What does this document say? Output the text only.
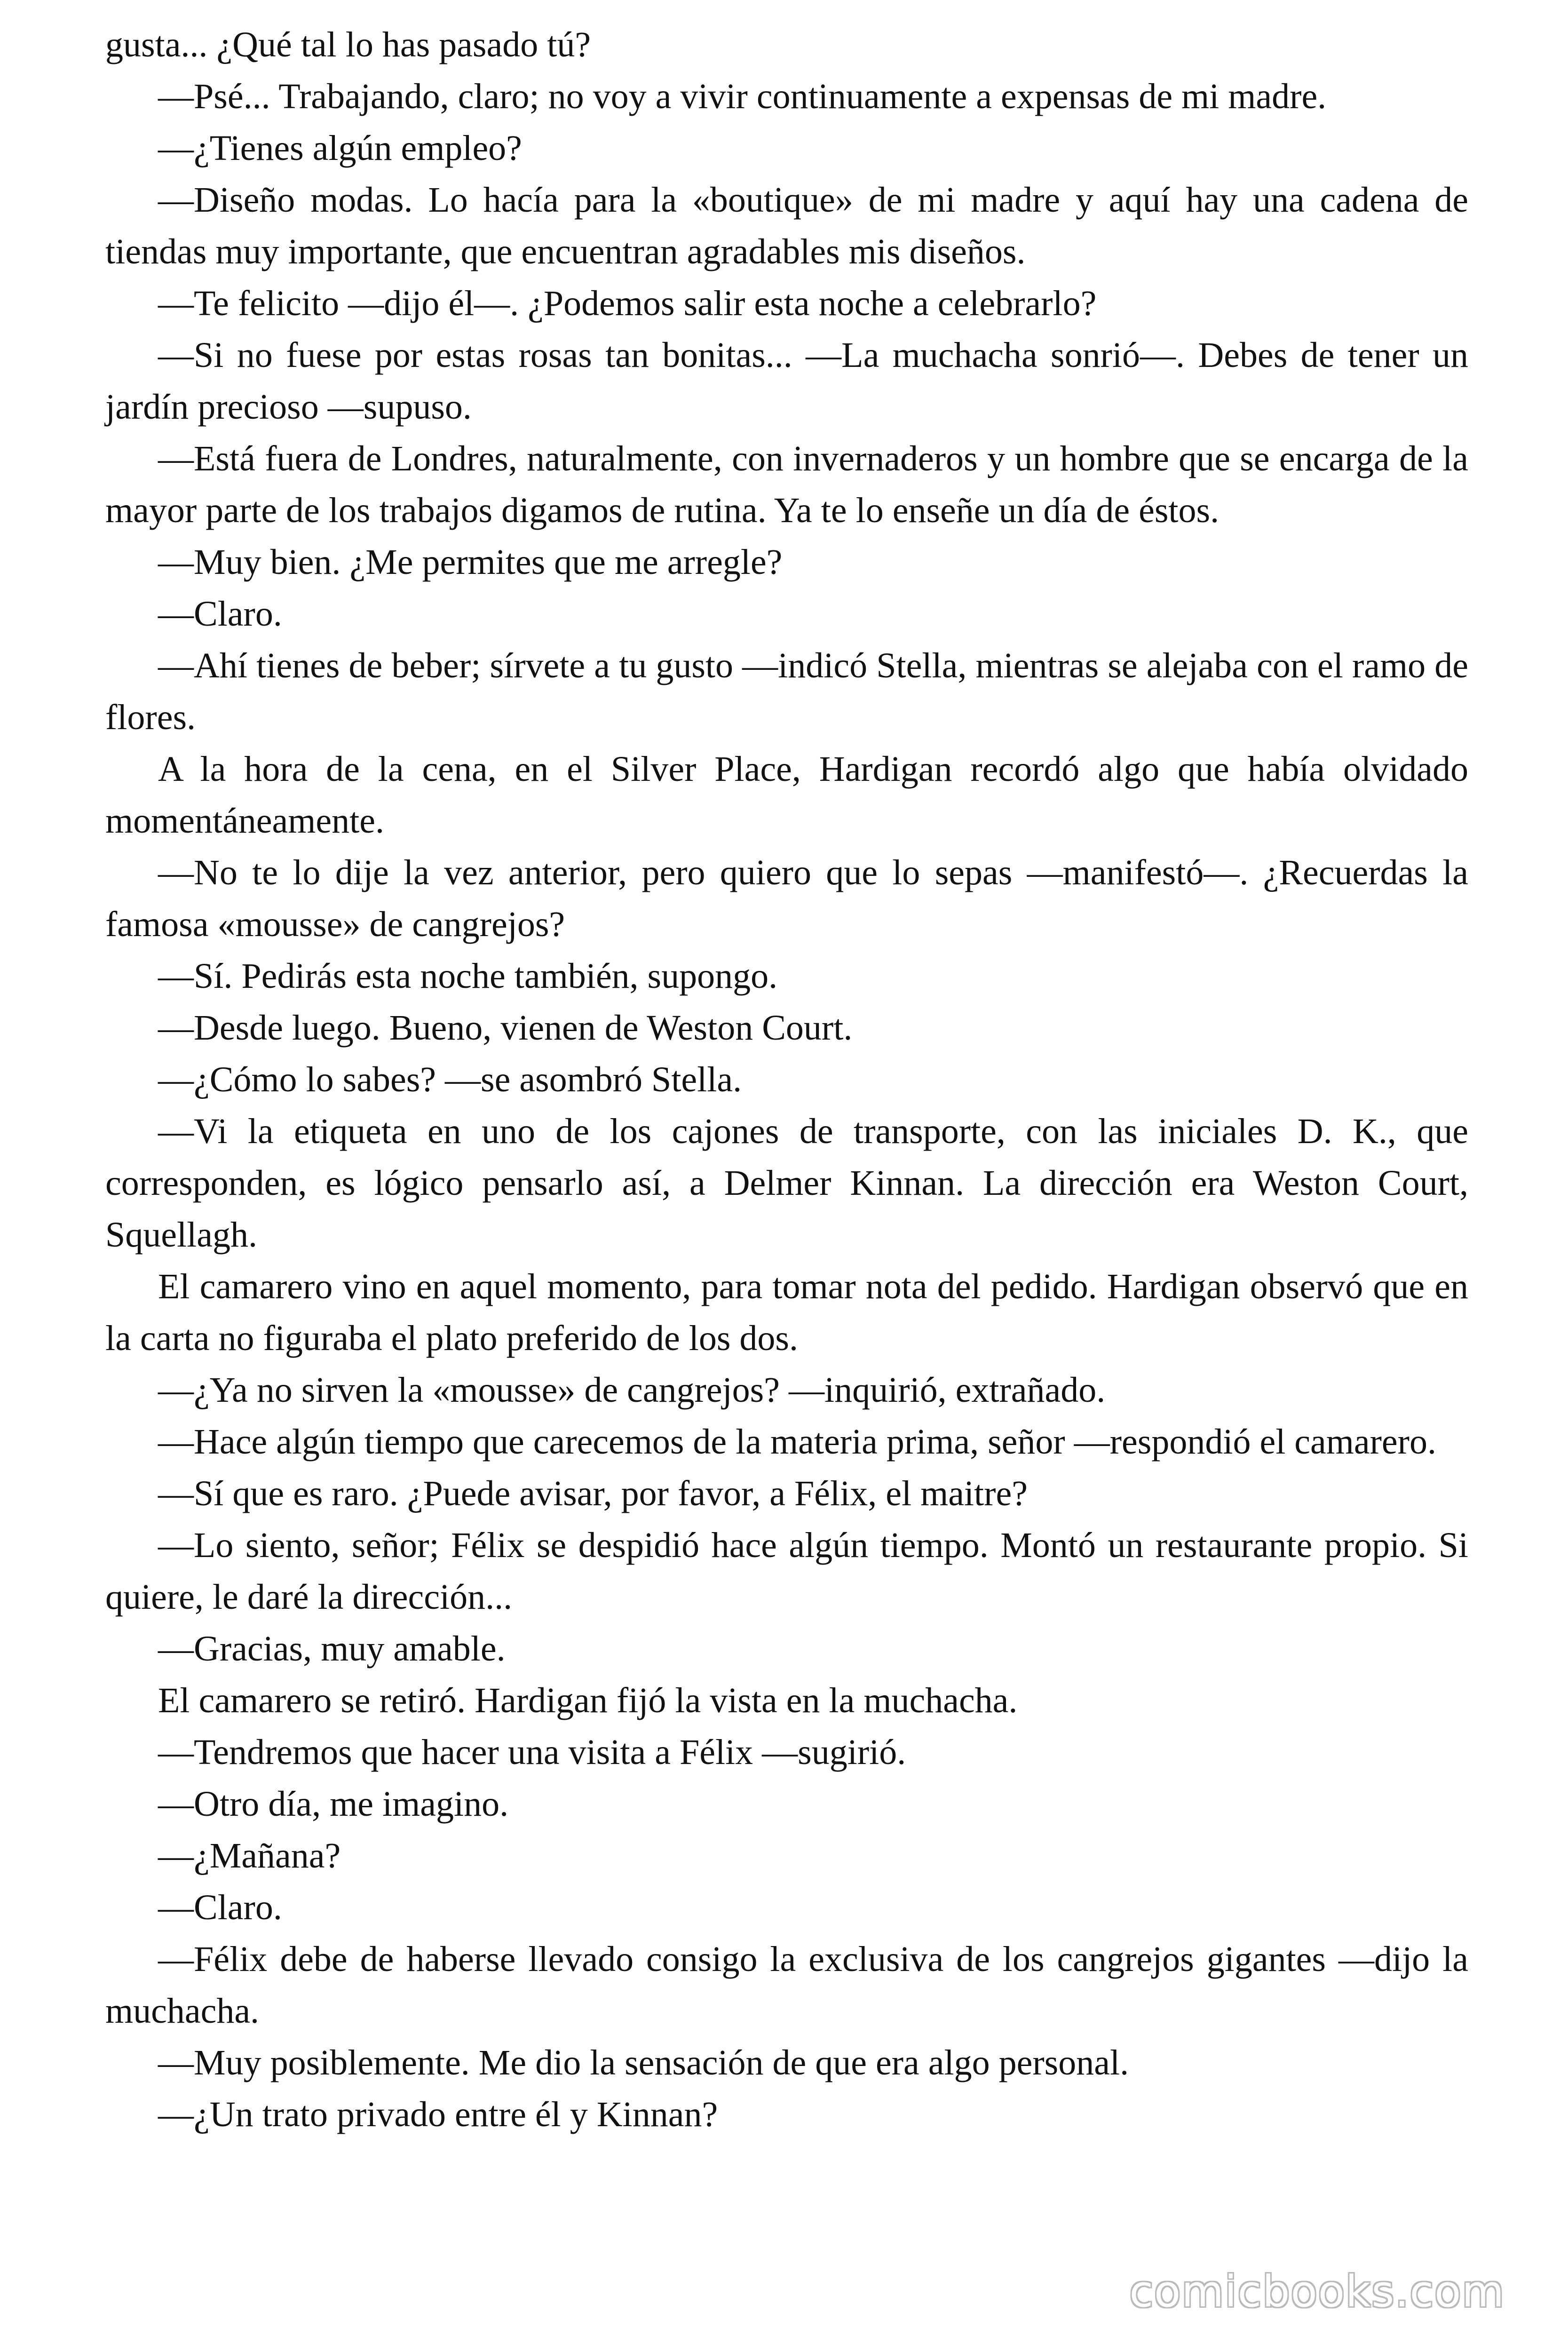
gusta... ¿Qué tal lo has pasado tú?

—Psé... Trabajando, claro; no voy a vivir continuamente a expensas de mi madre.

—¿Tienes algún empleo?

—Diseño modas. Lo hacía para la «boutique» de mi madre y aquí hay una cadena de tiendas muy importante, que encuentran agradables mis diseños.

—Te felicito —dijo él—. ¿Podemos salir esta noche a celebrarlo?

—Si no fuese por estas rosas tan bonitas... —La muchacha sonrió—. Debes de tener un jardín precioso —supuso.

—Está fuera de Londres, naturalmente, con invernaderos y un hombre que se encarga de la mayor parte de los trabajos digamos de rutina. Ya te lo enseñe un día de éstos.

—Muy bien. ¿Me permites que me arregle?

—Claro.

—Ahí tienes de beber; sírvete a tu gusto —indicó Stella, mientras se alejaba con el ramo de flores.

A la hora de la cena, en el Silver Place, Hardigan recordó algo que había olvidado momentáneamente.

—No te lo dije la vez anterior, pero quiero que lo sepas —manifestó—. ¿Recuerdas la famosa «mousse» de cangrejos?

—Sí. Pedirás esta noche también, supongo.

—Desde luego. Bueno, vienen de Weston Court.

—¿Cómo lo sabes? —se asombró Stella.

—Vi la etiqueta en uno de los cajones de transporte, con las iniciales D. K., que corresponden, es lógico pensarlo así, a Delmer Kinnan. La dirección era Weston Court, Squellagh.

El camarero vino en aquel momento, para tomar nota del pedido. Hardigan observó que en la carta no figuraba el plato preferido de los dos.

—¿Ya no sirven la «mousse» de cangrejos? —inquirió, extrañado.

—Hace algún tiempo que carecemos de la materia prima, señor —respondió el camarero.

—Sí que es raro. ¿Puede avisar, por favor, a Félix, el maitre?

—Lo siento, señor; Félix se despidió hace algún tiempo. Montó un restaurante propio. Si quiere, le daré la dirección...

—Gracias, muy amable.

El camarero se retiró. Hardigan fijó la vista en la muchacha.

—Tendremos que hacer una visita a Félix —sugirió.

—Otro día, me imagino.

—¿Mañana?

—Claro.

—Félix debe de haberse llevado consigo la exclusiva de los cangrejos gigantes —dijo la muchacha.

—Muy posiblemente. Me dio la sensación de que era algo personal.

—¿Un trato privado entre él y Kinnan?

comicbooks.com
